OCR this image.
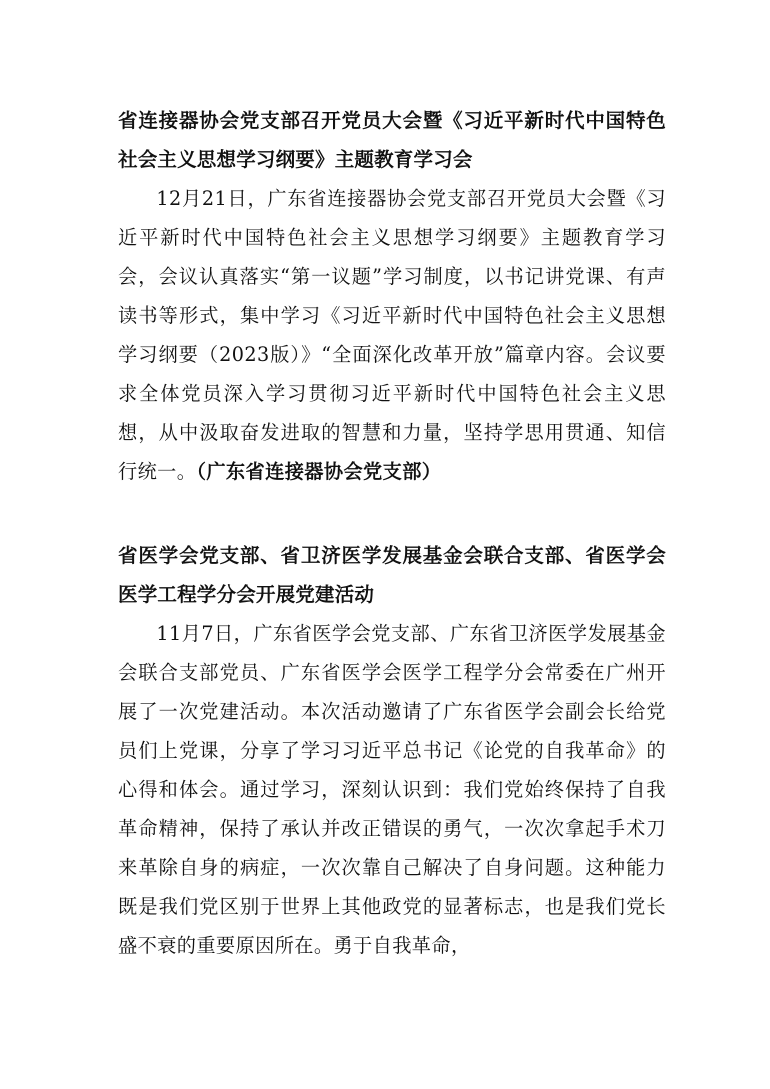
省连接器协会党支部召开党员大会暨《习近平新时代中国特色社会主义思想学习纲要》主题教育学习会

12月21日，广东省连接器协会党支部召开党员大会暨《习近平新时代中国特色社会主义思想学习纲要》主题教育学习会，会议认真落实“第一议题”学习制度，以书记讲党课、有声读书等形式，集中学习《习近平新时代中国特色社会主义思想学习纲要（2023版）》“全面深化改革开放”篇章内容。会议要求全体党员深入学习贯彻习近平新时代中国特色社会主义思想，从中汲取奋发进取的智慧和力量，坚持学思用贯通、知信行统一。（广东省连接器协会党支部）

省医学会党支部、省卫济医学发展基金会联合支部、省医学会医学工程学分会开展党建活动

11月7日，广东省医学会党支部、广东省卫济医学发展基金会联合支部党员、广东省医学会医学工程学分会常委在广州开展了一次党建活动。本次活动邀请了广东省医学会副会长给党员们上党课，分享了学习习近平总书记《论党的自我革命》的心得和体会。通过学习，深刻认识到：我们党始终保持了自我革命精神，保持了承认并改正错误的勇气，一次次拿起手术刀来革除自身的病症，一次次靠自己解决了自身问题。这种能力既是我们党区别于世界上其他政党的显著标志，也是我们党长盛不衰的重要原因所在。勇于自我革命，
